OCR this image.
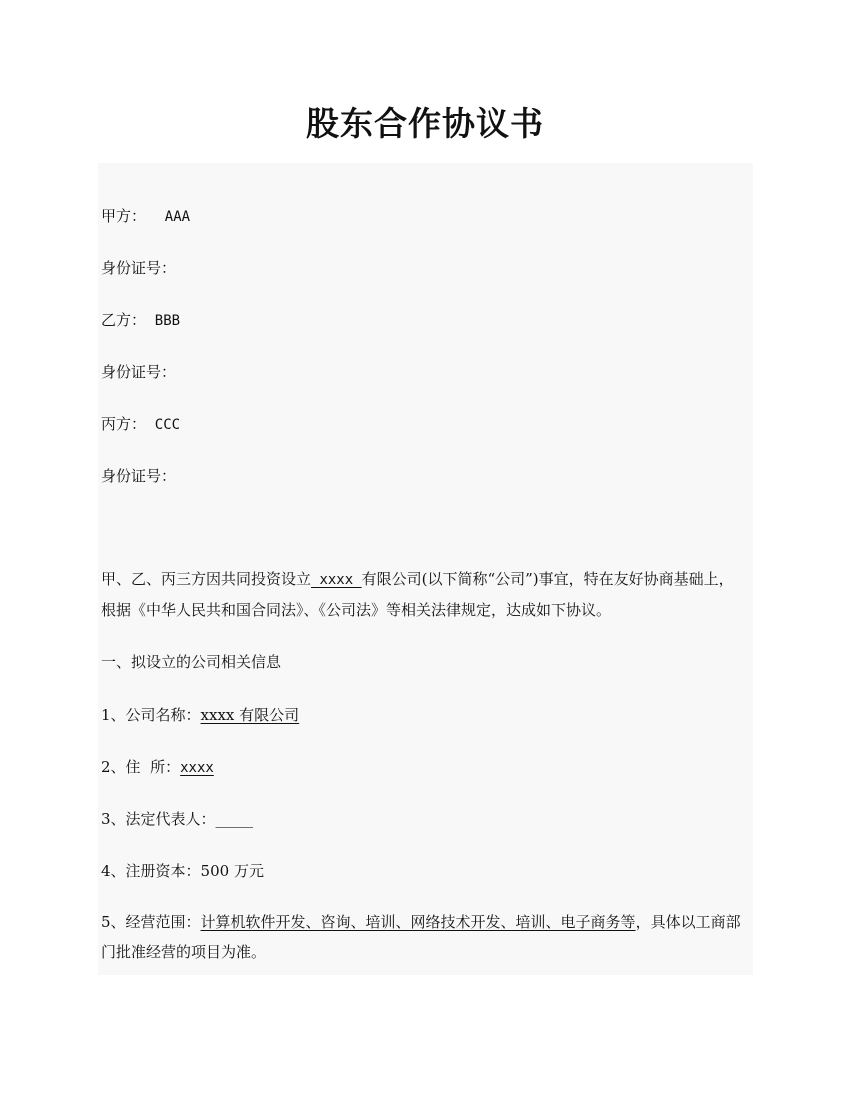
股东合作协议书
甲方： AAA
身份证号：
乙方： BBB
身份证号：
丙方： CCC
身份证号：
甲、乙、丙三方因共同投资设立 xxxx 有限公司(以下简称“公司”)事宜，特在友好协商基础上，根据《中华人民共和国合同法》、《公司法》等相关法律规定，达成如下协议。
一、拟设立的公司相关信息
1、公司名称：xxxx 有限公司
2、住  所：xxxx
3、法定代表人：_____
4、注册资本：500 万元
5、经营范围：计算机软件开发、咨询、培训、网络技术开发、培训、电子商务等，具体以工商部门批准经营的项目为准。
